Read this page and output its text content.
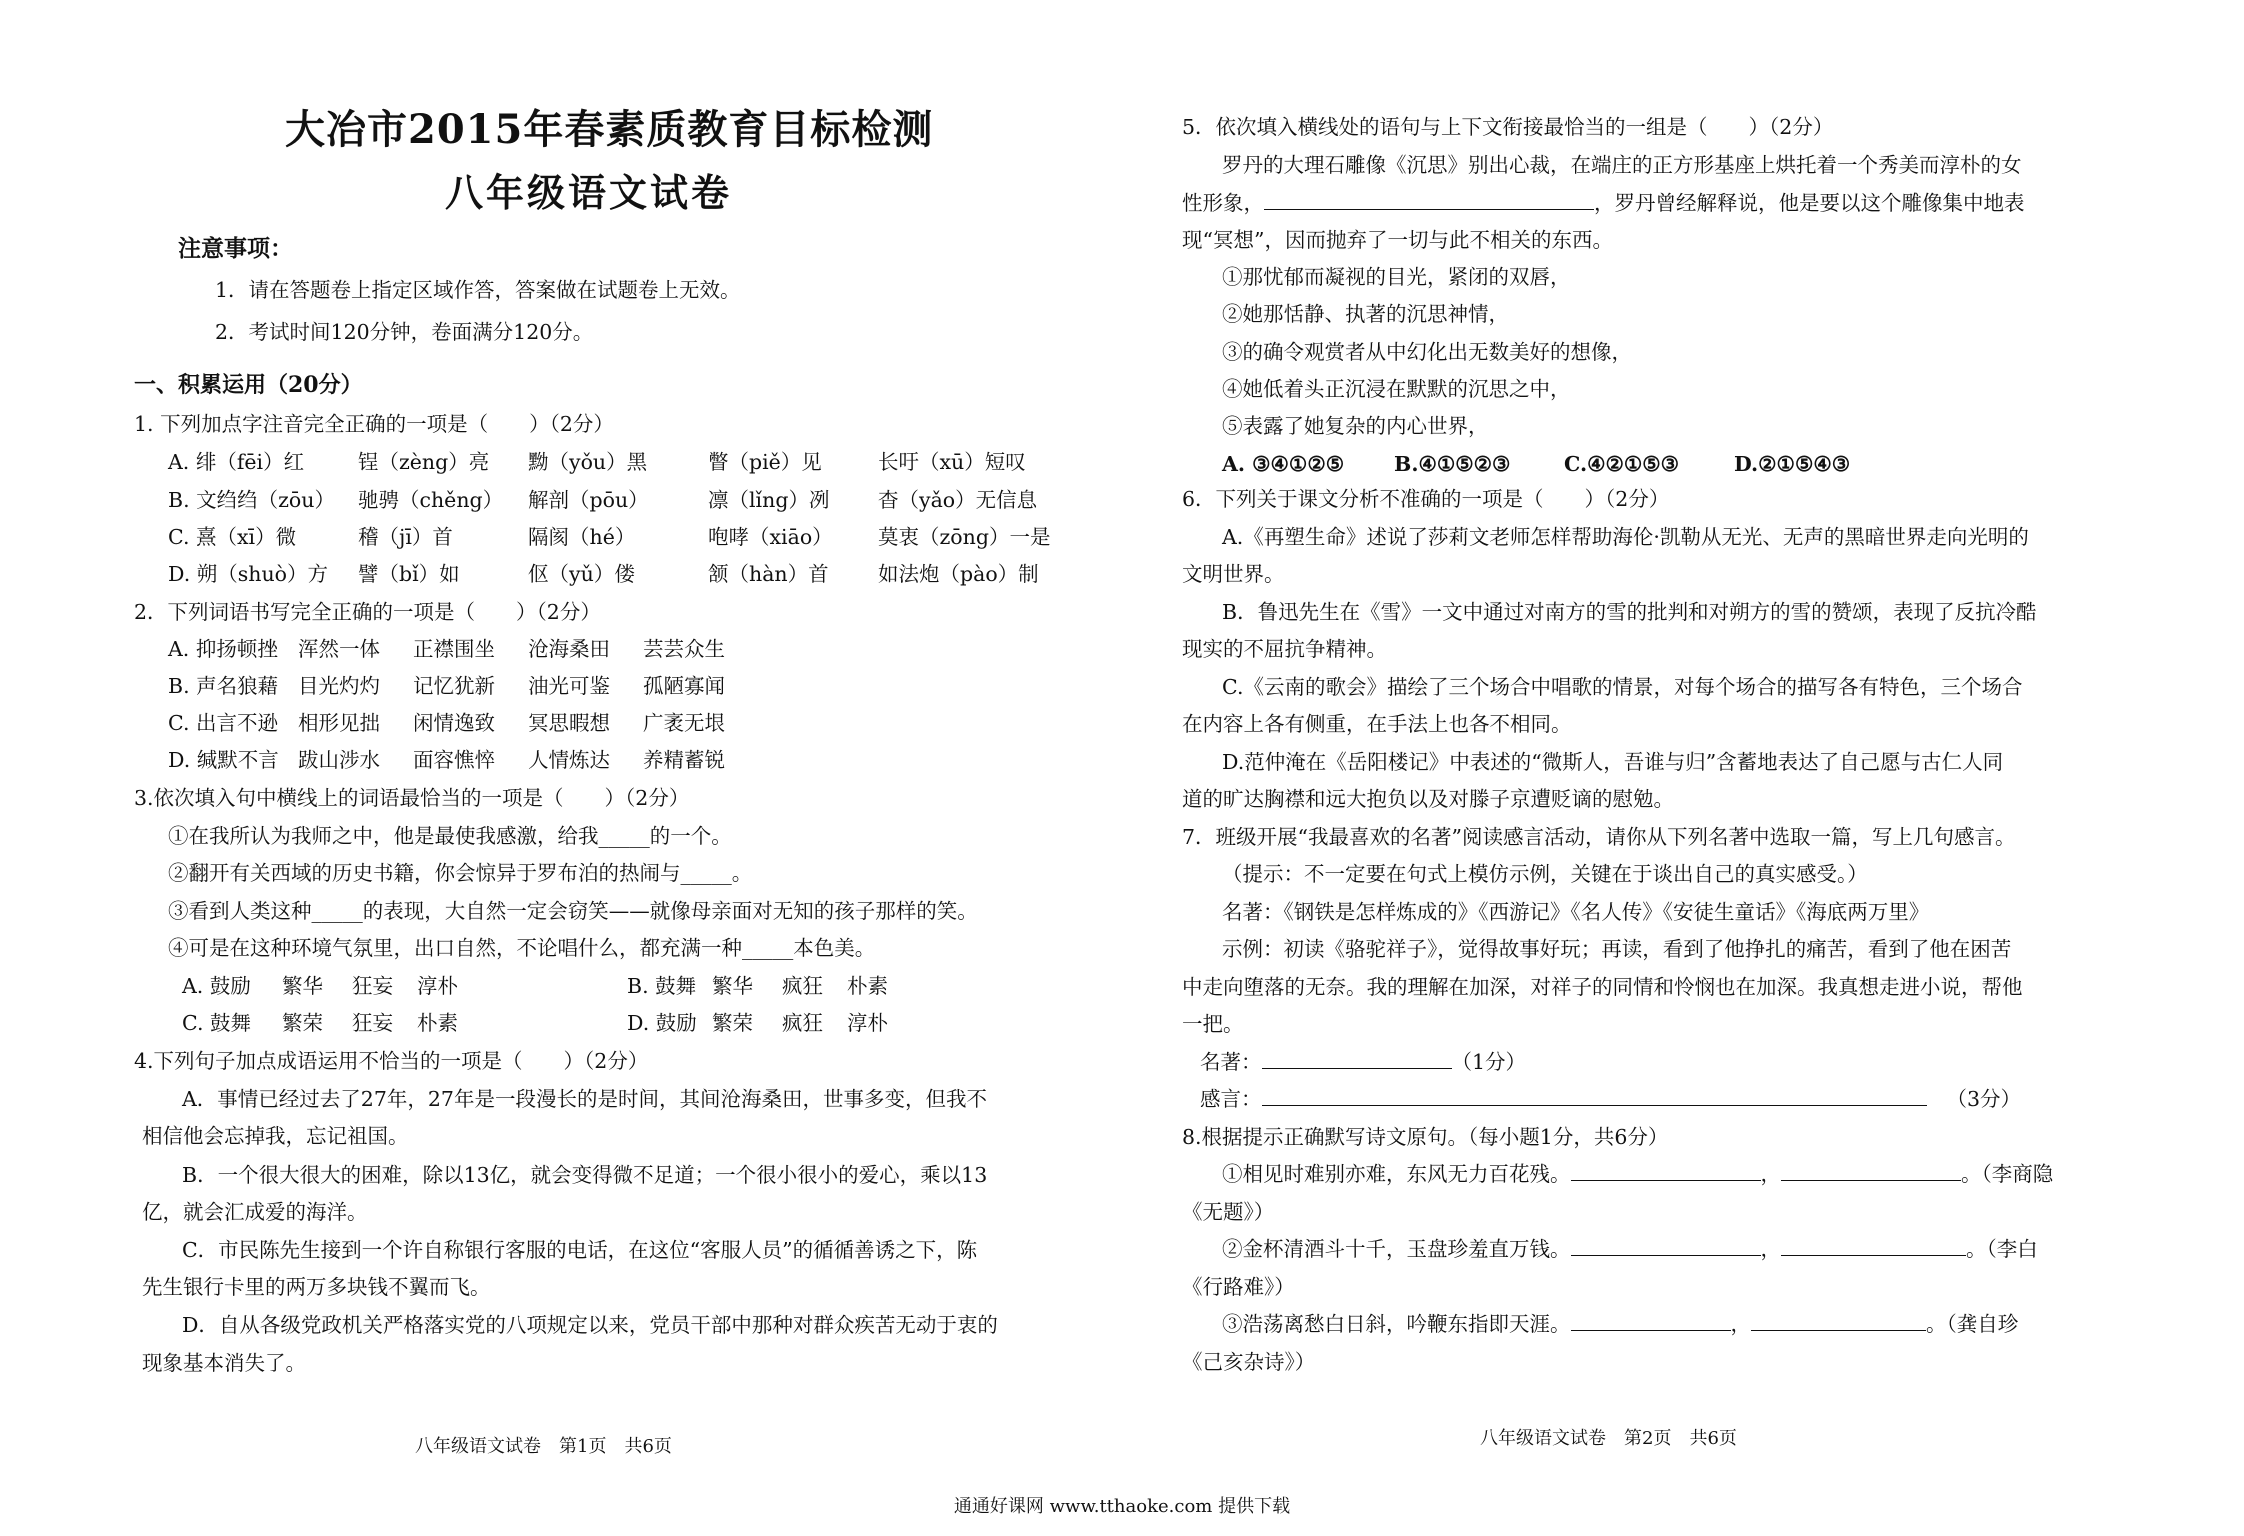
大冶市2015年春素质教育目标检测
八年级语文试卷
注意事项：
1．请在答题卷上指定区域作答，答案做在试题卷上无效。
2．考试时间120分钟，卷面满分120分。
一、积累运用（20分）
1. 下列加点字注音完全正确的一项是（　　）（2分）
A. 绯（fēi）红	锃（zèng）亮	黝（yǒu）黑	瞥（piě）见	长吁（xū）短叹
B. 文绉绉（zōu）	驰骋（chěng）	解剖（pōu）	凛（lǐng）冽	杳（yǎo）无信息
C. 熹（xī）微	稽（jī）首	隔阂（hé）	咆哮（xiāo）	莫衷（zōng）一是
D. 朔（shuò）方	譬（bǐ）如	伛（yǔ）偻	颔（hàn）首	如法炮（pào）制
2．下列词语书写完全正确的一项是（　　）（2分）
A. 抑扬顿挫 浑然一体	正襟围坐	沧海桑田	芸芸众生
B. 声名狼藉 目光灼灼	记忆犹新	油光可鉴	孤陋寡闻
C. 出言不逊 相形见拙	闲情逸致	冥思暇想	广袤无垠
D. 缄默不言 跋山涉水	面容憔悴	人情炼达	养精蓄锐
3.依次填入句中横线上的词语最恰当的一项是（　　）（2分）
①在我所认为我师之中，他是最使我感激，给我_____的一个。
②翻开有关西域的历史书籍，你会惊异于罗布泊的热闹与_____。
③看到人类这种_____的表现，大自然一定会窃笑——就像母亲面对无知的孩子那样的笑。
④可是在这种环境气氛里，出口自然，不论唱什么，都充满一种_____本色美。
A. 鼓励	繁华	狂妄	淳朴	B. 鼓舞 繁华	疯狂	朴素
C. 鼓舞	繁荣	狂妄	朴素	D. 鼓励 繁荣	疯狂	淳朴
4.下列句子加点成语运用不恰当的一项是（　　）（2分）
A．事情已经过去了27年，27年是一段漫长的是时间，其间沧海桑田，世事多变，但我不
相信他会忘掉我，忘记祖国。
B．一个很大很大的困难，除以13亿，就会变得微不足道；一个很小很小的爱心，乘以13
亿，就会汇成爱的海洋。
C．市民陈先生接到一个许自称银行客服的电话，在这位“客服人员”的循循善诱之下，陈
先生银行卡里的两万多块钱不翼而飞。
D．自从各级党政机关严格落实党的八项规定以来，党员干部中那种对群众疾苦无动于衷的
现象基本消失了。
八年级语文试卷　第1页　共6页
5．依次填入横线处的语句与上下文衔接最恰当的一组是（　　）（2分）
罗丹的大理石雕像《沉思》别出心裁，在端庄的正方形基座上烘托着一个秀美而淳朴的女
性形象，	，罗丹曾经解释说，他是要以这个雕像集中地表
现“冥想”，因而抛弃了一切与此不相关的东西。
①那忧郁而凝视的目光，紧闭的双唇，
②她那恬静、执著的沉思神情，
③的确令观赏者从中幻化出无数美好的想像，
④她低着头正沉浸在默默的沉思之中，
⑤表露了她复杂的内心世界，
A. ③④①②⑤	B.④①⑤②③	C.④②①⑤③	D.②①⑤④③
6．下列关于课文分析不准确的一项是（　　）（2分）
A.《再塑生命》述说了莎莉文老师怎样帮助海伦·凯勒从无光、无声的黑暗世界走向光明的
文明世界。
B．鲁迅先生在《雪》一文中通过对南方的雪的批判和对朔方的雪的赞颂，表现了反抗冷酷
现实的不屈抗争精神。
C.《云南的歌会》描绘了三个场合中唱歌的情景，对每个场合的描写各有特色，三个场合
在内容上各有侧重，在手法上也各不相同。
D.范仲淹在《岳阳楼记》中表述的“微斯人，吾谁与归”含蓄地表达了自己愿与古仁人同
道的旷达胸襟和远大抱负以及对滕子京遭贬谪的慰勉。
7．班级开展“我最喜欢的名著”阅读感言活动，请你从下列名著中选取一篇，写上几句感言。
（提示：不一定要在句式上模仿示例，关键在于谈出自己的真实感受。）
名著：《钢铁是怎样炼成的》《西游记》《名人传》《安徒生童话》《海底两万里》
示例：初读《骆驼祥子》，觉得故事好玩；再读，看到了他挣扎的痛苦，看到了他在困苦
中走向堕落的无奈。我的理解在加深，对祥子的同情和怜悯也在加深。我真想走进小说，帮他
一把。
名著：	（1分）
感言：	（3分）
8.根据提示正确默写诗文原句。（每小题1分，共6分）
①相见时难别亦难，东风无力百花残。	，	。（李商隐
《无题》）
②金杯清酒斗十千，玉盘珍羞直万钱。	，	。（李白
《行路难》）
③浩荡离愁白日斜，吟鞭东指即天涯。	，	。（龚自珍
《己亥杂诗》）
八年级语文试卷　第2页　共6页
通通好课网 www.tthaoke.com 提供下载
